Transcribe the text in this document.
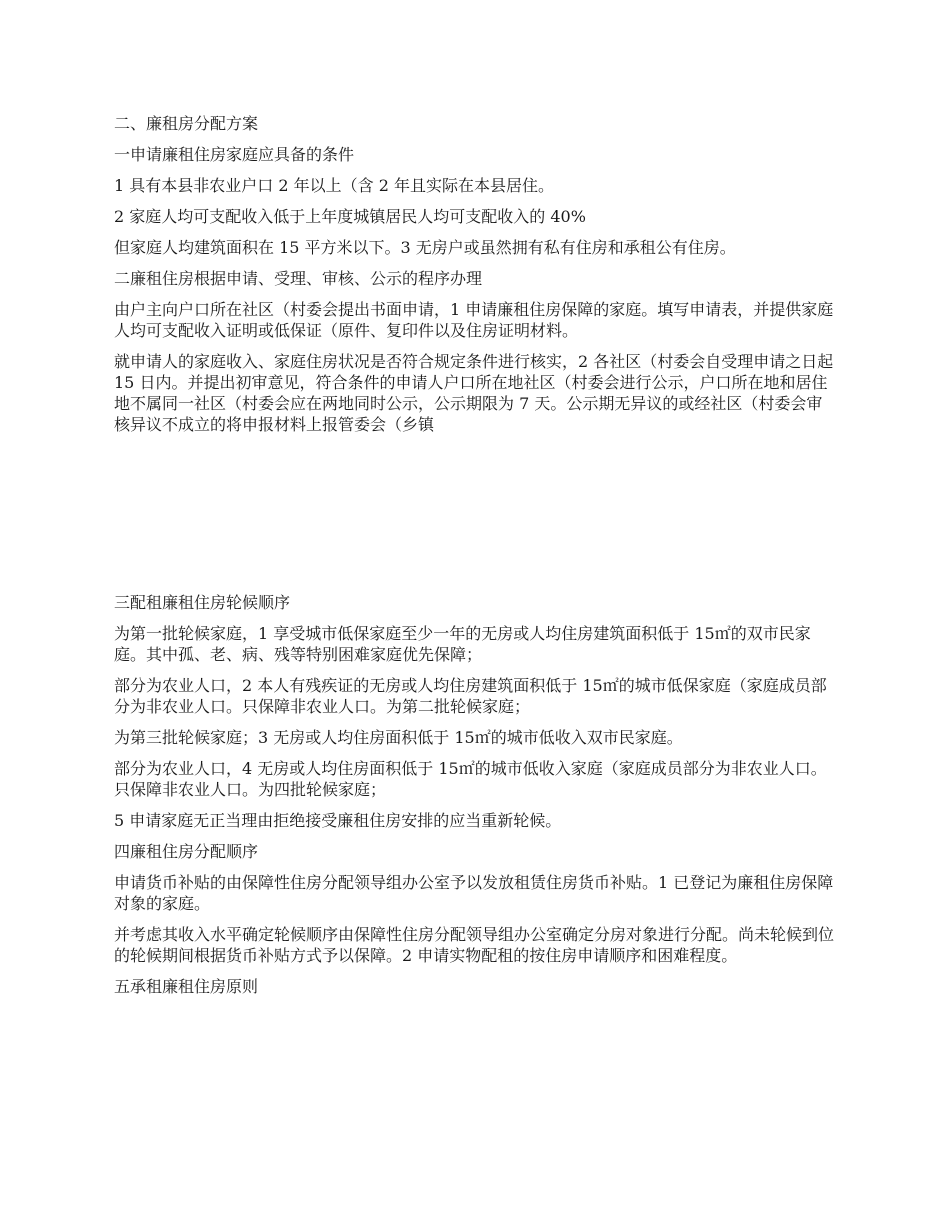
二、廉租房分配方案

一申请廉租住房家庭应具备的条件

1 具有本县非农业户口 2 年以上（含 2 年且实际在本县居住。

2 家庭人均可支配收入低于上年度城镇居民人均可支配收入的 40%

但家庭人均建筑面积在 15 平方米以下。3 无房户或虽然拥有私有住房和承租公有住房。

二廉租住房根据申请、受理、审核、公示的程序办理

由户主向户口所在社区（村委会提出书面申请，1 申请廉租住房保障的家庭。填写申请表，并提供家庭人均可支配收入证明或低保证（原件、复印件以及住房证明材料。

就申请人的家庭收入、家庭住房状况是否符合规定条件进行核实，2 各社区（村委会自受理申请之日起 15 日内。并提出初审意见，符合条件的申请人户口所在地社区（村委会进行公示，户口所在地和居住地不属同一社区（村委会应在两地同时公示，公示期限为 7 天。公示期无异议的或经社区（村委会审核异议不成立的将申报材料上报管委会（乡镇

三配租廉租住房轮候顺序

为第一批轮候家庭，1 享受城市低保家庭至少一年的无房或人均住房建筑面积低于 15㎡的双市民家庭。其中孤、老、病、残等特别困难家庭优先保障；

部分为农业人口，2 本人有残疾证的无房或人均住房建筑面积低于 15㎡的城市低保家庭（家庭成员部分为非农业人口。只保障非农业人口。为第二批轮候家庭；

为第三批轮候家庭；3 无房或人均住房面积低于 15㎡的城市低收入双市民家庭。

部分为农业人口，4 无房或人均住房面积低于 15㎡的城市低收入家庭（家庭成员部分为非农业人口。只保障非农业人口。为四批轮候家庭；

5 申请家庭无正当理由拒绝接受廉租住房安排的应当重新轮候。

四廉租住房分配顺序

申请货币补贴的由保障性住房分配领导组办公室予以发放租赁住房货币补贴。1 已登记为廉租住房保障对象的家庭。

并考虑其收入水平确定轮候顺序由保障性住房分配领导组办公室确定分房对象进行分配。尚未轮候到位的轮候期间根据货币补贴方式予以保障。2 申请实物配租的按住房申请顺序和困难程度。

五承租廉租住房原则
